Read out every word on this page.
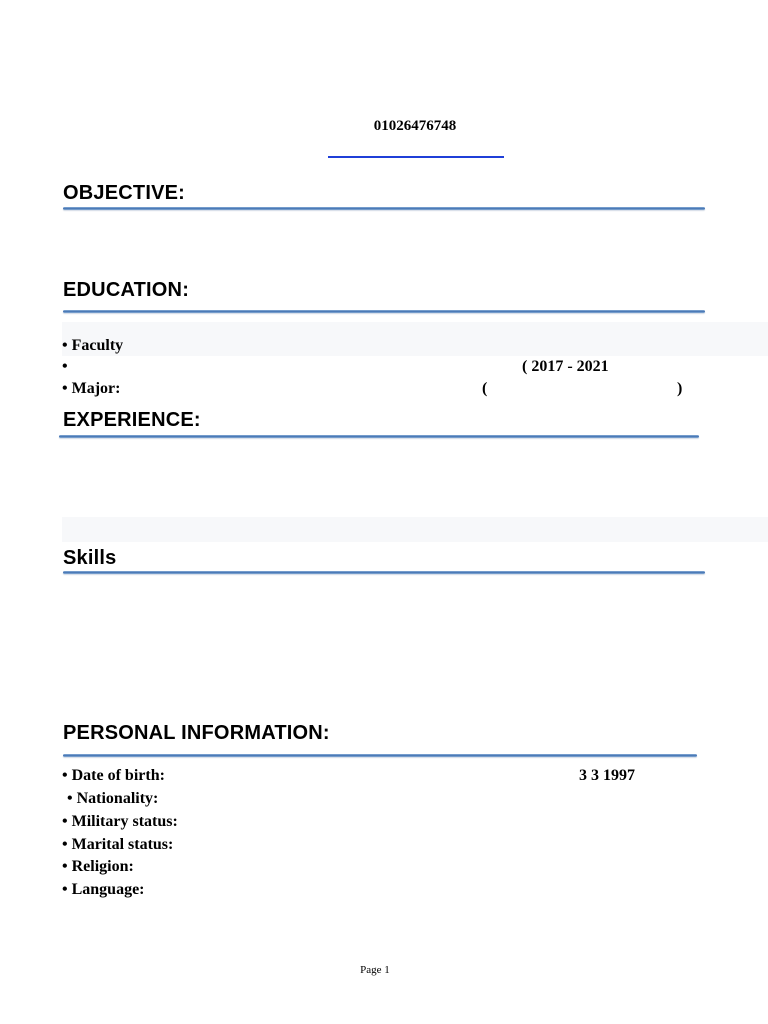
01026476748
OBJECTIVE:
EDUCATION:
• Faculty
•	( 2017 - 2021
• Major:	(	)
EXPERIENCE:
Skills
PERSONAL INFORMATION:
• Date of birth:	3 3 1997
• Nationality:
• Military status:
• Marital status:
• Religion:
• Language:
Page 1
